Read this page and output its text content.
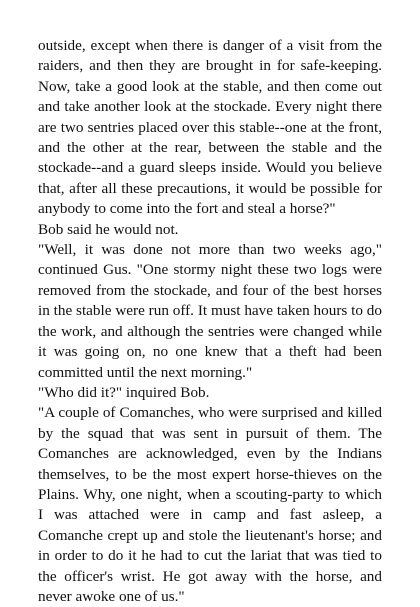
outside, except when there is danger of a visit from the raiders, and then they are brought in for safe-keeping. Now, take a good look at the stable, and then come out and take another look at the stockade. Every night there are two sentries placed over this stable--one at the front, and the other at the rear, between the stable and the stockade--and a guard sleeps inside. Would you believe that, after all these precautions, it would be possible for anybody to come into the fort and steal a horse?"

Bob said he would not.

"Well, it was done not more than two weeks ago," continued Gus. "One stormy night these two logs were removed from the stockade, and four of the best horses in the stable were run off. It must have taken hours to do the work, and although the sentries were changed while it was going on, no one knew that a theft had been committed until the next morning."

"Who did it?" inquired Bob.

"A couple of Comanches, who were surprised and killed by the squad that was sent in pursuit of them. The Comanches are acknowledged, even by the Indians themselves, to be the most expert horse-thieves on the Plains. Why, one night, when a scouting-party to which I was attached were in camp and fast asleep, a Comanche crept up and stole the lieutenant's horse; and in order to do it he had to cut the lariat that was tied to the officer's wrist. He got away with the horse, and never awoke one of us."
